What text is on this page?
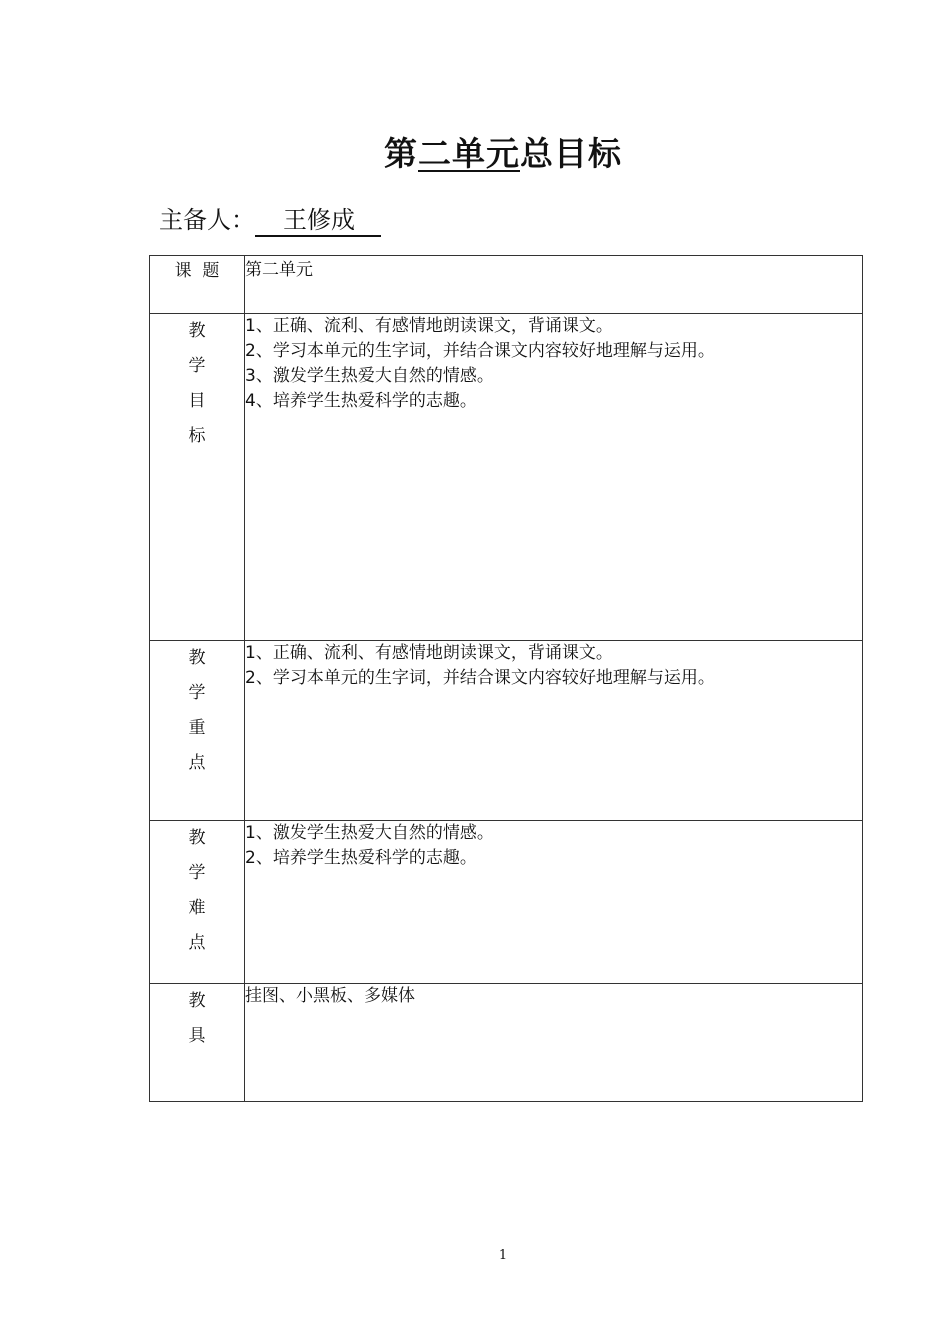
第二单元总目标
主备人： 王修成
课  题	第二单元

教
学
目
标	1、正确、流利、有感情地朗读课文，背诵课文。
2、学习本单元的生字词，并结合课文内容较好地理解与运用。
3、激发学生热爱大自然的情感。
4、培养学生热爱科学的志趣。

教
学
重
点	1、正确、流利、有感情地朗读课文，背诵课文。
2、学习本单元的生字词，并结合课文内容较好地理解与运用。

教
学
难
点	1、激发学生热爱大自然的情感。
2、培养学生热爱科学的志趣。

教
具	挂图、小黑板、多媒体
1
